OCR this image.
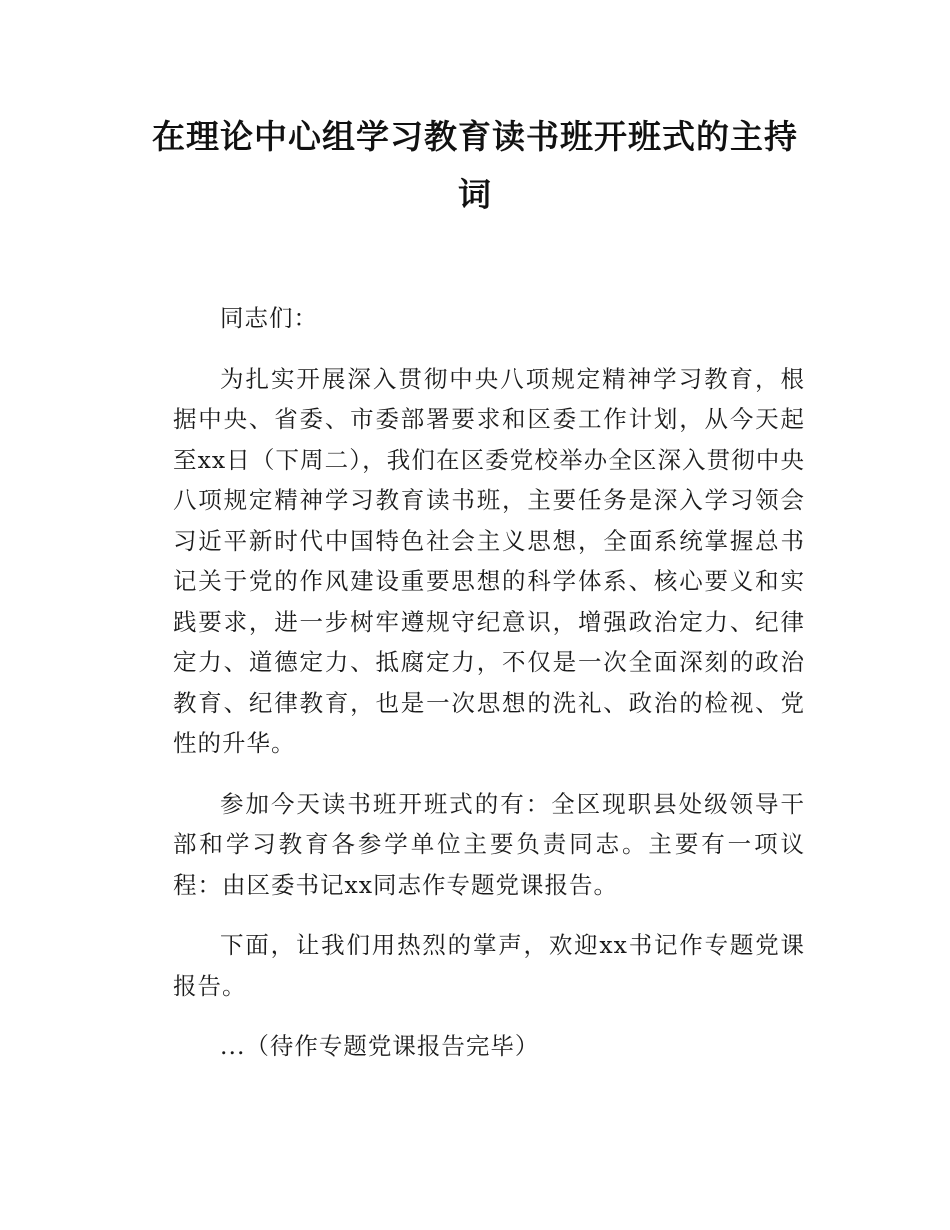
在理论中心组学习教育读书班开班式的主持词

同志们：

为扎实开展深入贯彻中央八项规定精神学习教育，根据中央、省委、市委部署要求和区委工作计划，从今天起至xx日（下周二），我们在区委党校举办全区深入贯彻中央八项规定精神学习教育读书班，主要任务是深入学习领会习近平新时代中国特色社会主义思想，全面系统掌握总书记关于党的作风建设重要思想的科学体系、核心要义和实践要求，进一步树牢遵规守纪意识，增强政治定力、纪律定力、道德定力、抵腐定力，不仅是一次全面深刻的政治教育、纪律教育，也是一次思想的洗礼、政治的检视、党性的升华。

参加今天读书班开班式的有：全区现职县处级领导干部和学习教育各参学单位主要负责同志。主要有一项议程：由区委书记xx同志作专题党课报告。

下面，让我们用热烈的掌声，欢迎xx书记作专题党课报告。

...（待作专题党课报告完毕）
